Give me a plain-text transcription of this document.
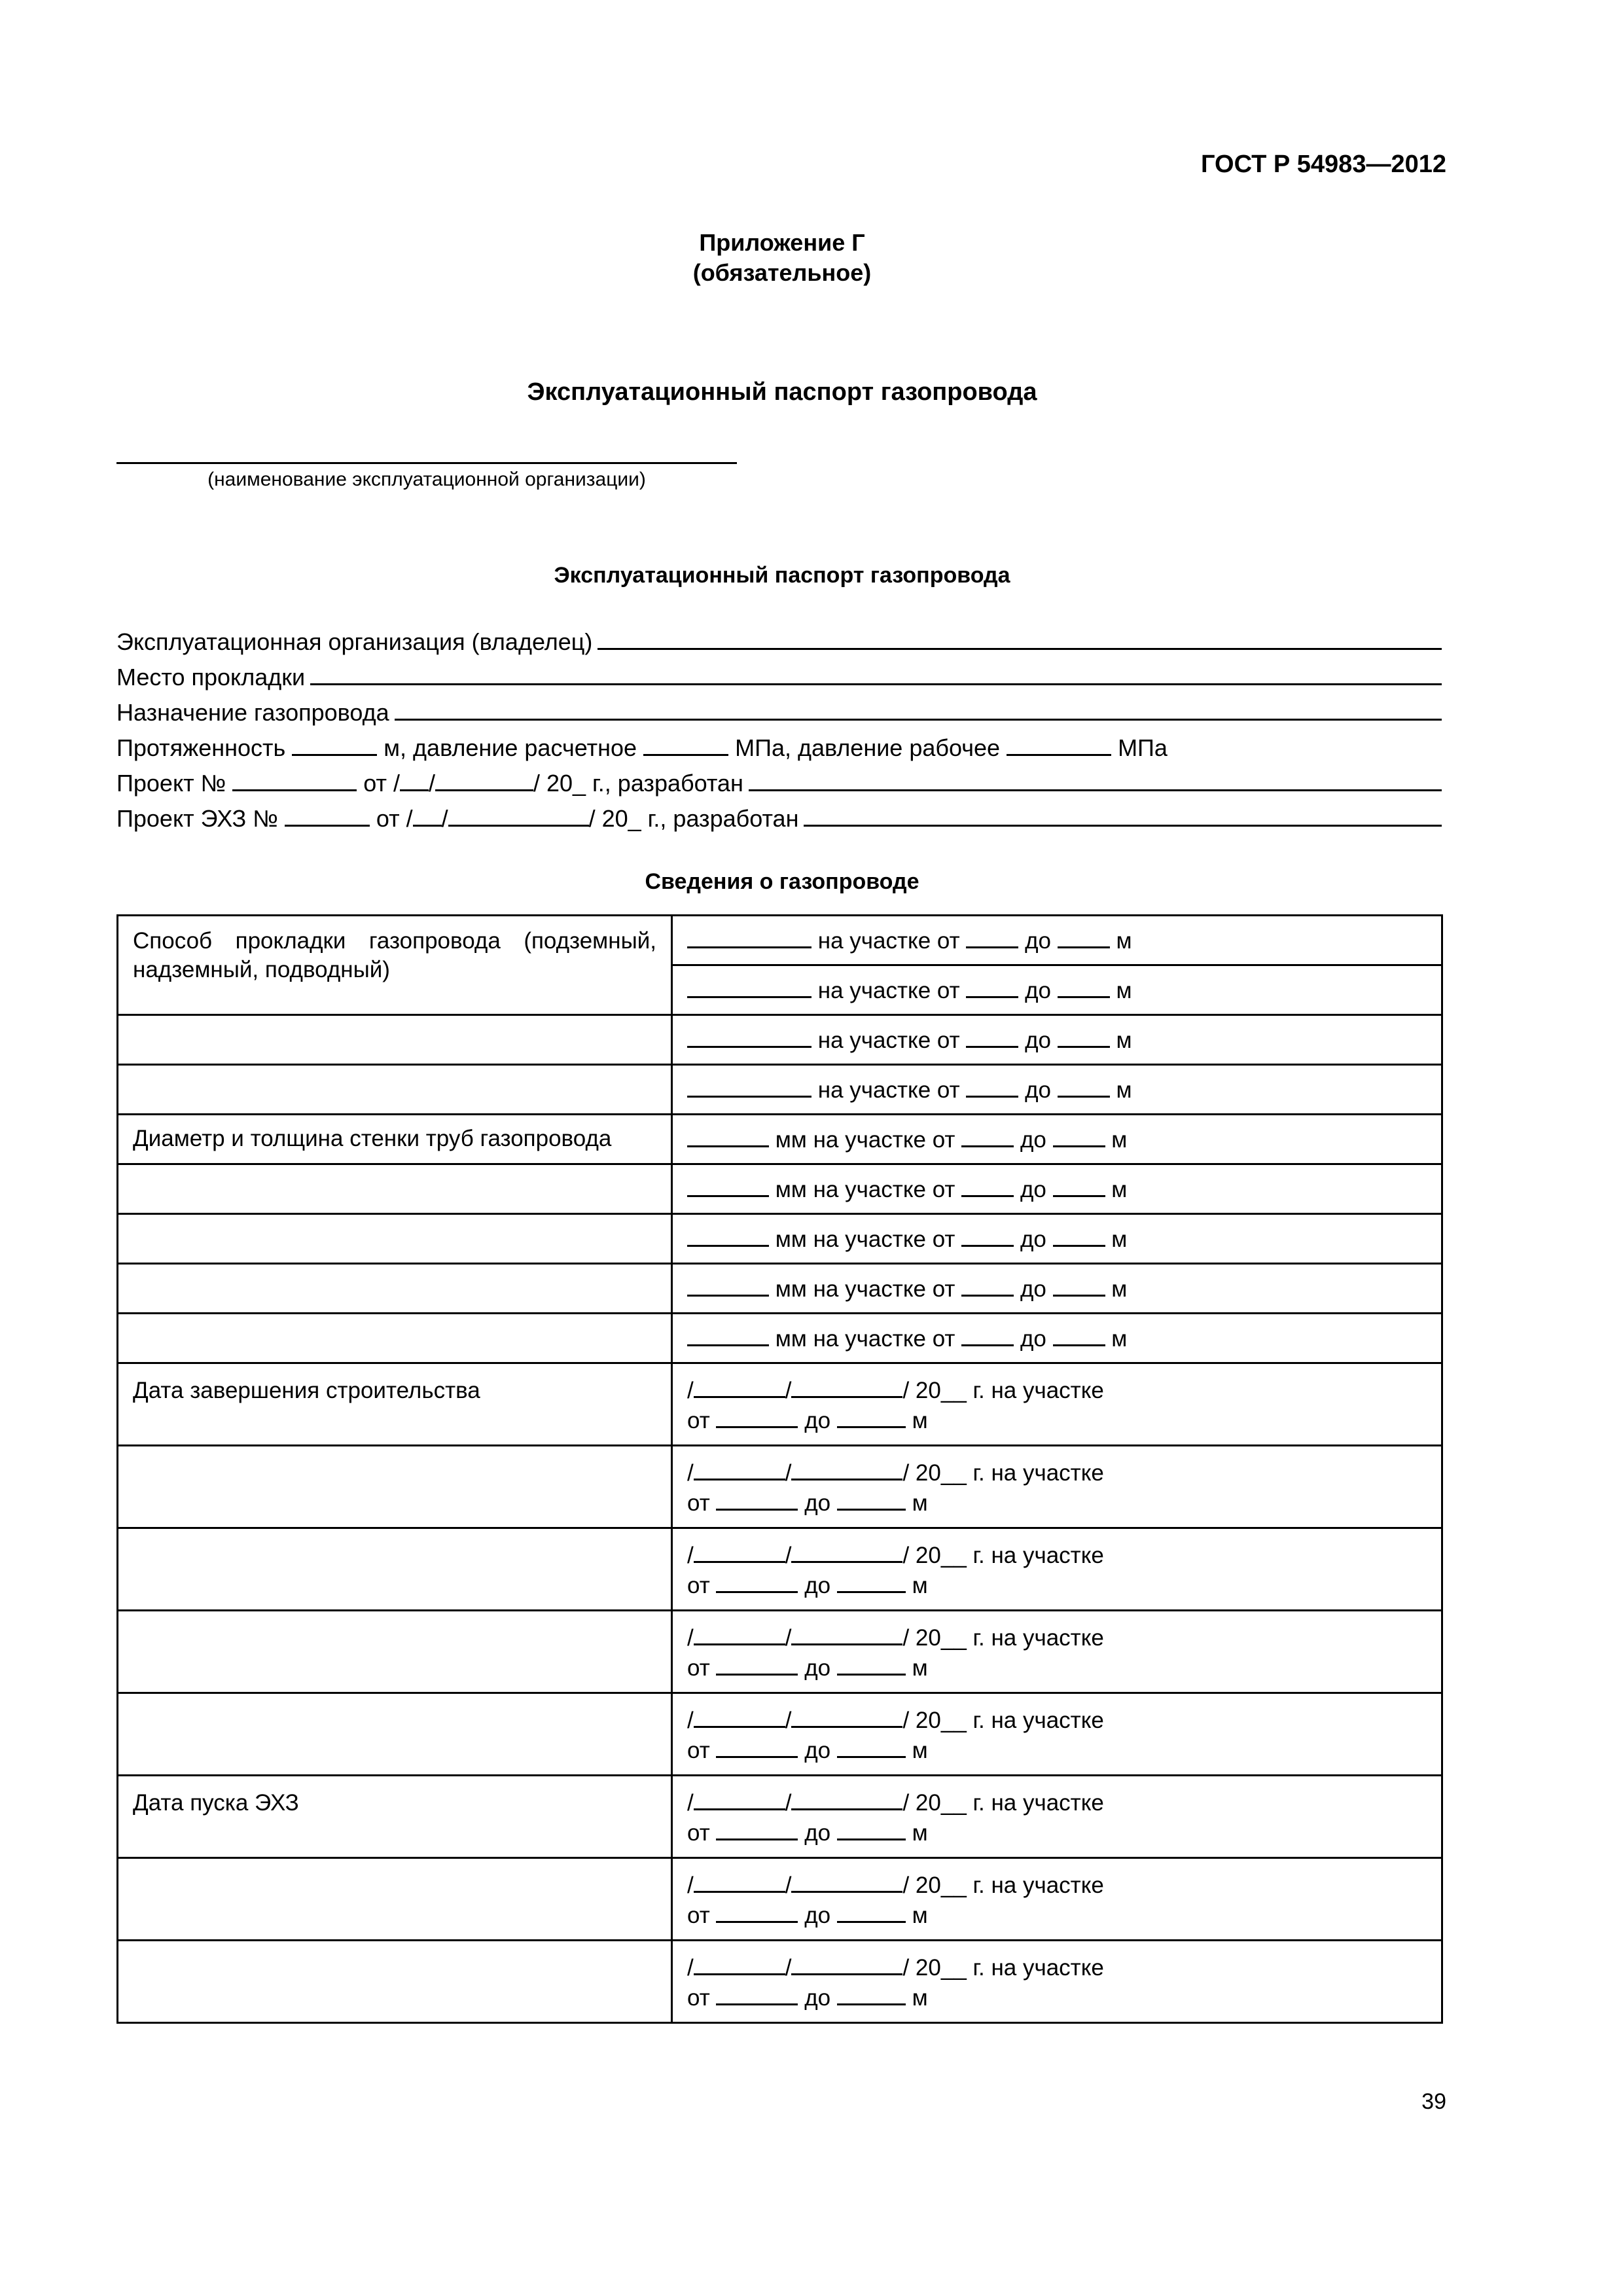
ГОСТ Р 54983—2012
Приложение Г
(обязательное)
Эксплуатационный паспорт газопровода
(наименование эксплуатационной организации)
Эксплуатационный паспорт газопровода
Эксплуатационная организация (владелец)
Место прокладки
Назначение газопровода
Протяженность

	м, давление расчетное

	МПа, давление рабочее

	МПа
Проект №

	от / /	/ 20_ г., разработан
Проект ЭХЗ №

	от / /	/ 20_ г., разработан
Сведения о газопроводе
Способ прокладки газопровода (подземный, надземный, подводный)	на участке от до м
	на участке от до м
	на участке от до м
	на участке от до м
Диаметр и толщина стенки труб газопровода	мм на участке от до м
	мм на участке от до м
	мм на участке от до м
	мм на участке от до м
	мм на участке от до м
Дата завершения строительства	/ / / 20__ г. на участке
от до м

	/ / / 20__ г. на участке
от до м

	/ / / 20__ г. на участке
от до м

	/ / / 20__ г. на участке
от до м

	/ / / 20__ г. на участке
от до м

Дата пуска ЭХЗ	/ / / 20__ г. на участке
от до м

	/ / / 20__ г. на участке
от до м

	/ / / 20__ г. на участке
от до м
39
